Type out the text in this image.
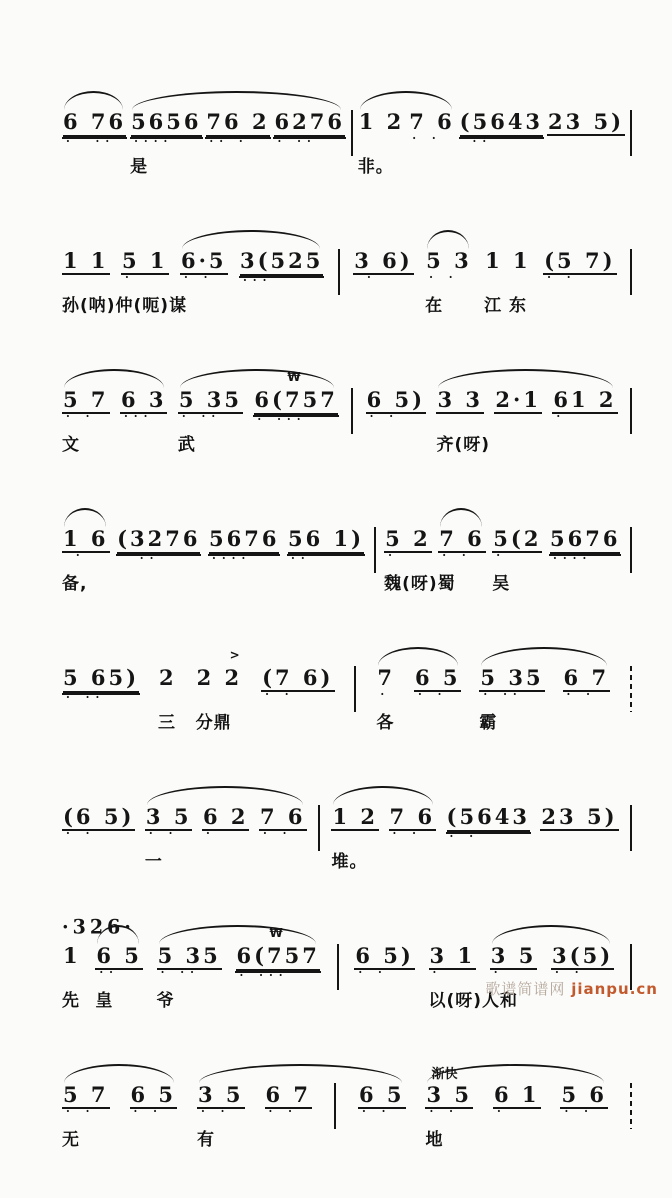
6 76
·  ··
5656
····
是
76 2
·· ·
6276
· ··
1 2
非。
7 6
· ·
(5643
··
23 5)
1 1
孙(呐)仲(呃)谋
5 1
·
6·5
· ·
3(525
···
3 6)
·
5 3
· ·
在
1 1
江 东
(5 7)
· ·
5 7
· ·
文
6 3
···
5 35
· ··
武
₩
6(757
· ···
6 5)
· ·
3 3
齐(呀)
2·1 61 2
·
1 6
·
备,
(3276
··
5676
····
56 1)
··
5 2
·
魏(呀)蜀
7 6
· ·
5(2
·
吴
5676
····
5 65)
· ··
2
三
>
2 2
分鼎
(7 6)
· ·
7
·
各
6 5
· ·
5 35
· ··
霸
6 7
· ·
(6 5)
· ·
3 5
· ·
一
6 2
·
7 6
· ·
1 2
堆。
7 6
· ·
(5643
· ·
23 5)
1
先
6 5
··
皇
5 35
· ··
爷
₩
6(757
· ···
6 5)
· ·
3 1
·
以(呀)人和
3 5
·
3(5)
· ·
5 7
· ·
无
6 5
· ·
3 5
· ·
有
6 7
· ·
6 5
· ·
渐快
3 5
· ·
地
6 1
·
5 6
· ·
·326·
歌谱简谱网 jianpu.cn
